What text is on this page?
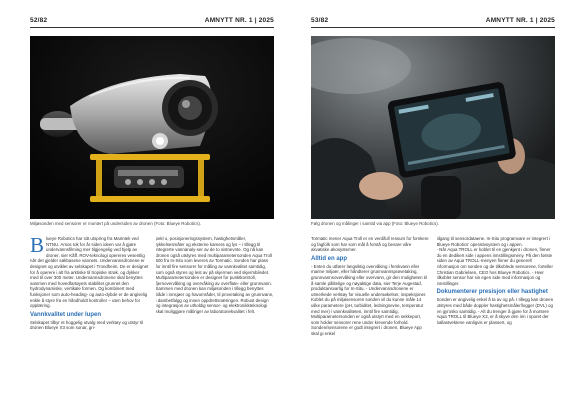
52/82	AMNYTT NR. 1 | 2025
Miljøsonden med sensorer er montert på undersiden av dronen (Foto: Blueye Robotics).
B lueye Robotics har sitt utspring fra Marintek ved NTNU. Amos tok for år siden ideen var å gjøre undervannsfilming mer tilgjengelig ved hjelp av droner, sier Kåff. ROV-teknologi opereres vesentlig når det gjelder søkbasene vannets. Undervannsdronene er designet og utviklet av selskapet i Trondheim. De er designet for å operere i alt fra arktiske til tropiske strøk, og dykker med til over 300 meter. Undervannsdronene skal benyttes sammen med hovedfartøyets stabilitet grunnet den hydrodynamiske, vertikale formen. Og kombinert med funksjoner som auto-heading- og auto-dybde er de angivelig enkle å styre fra en håndholdt kontroller – uten behov for opplæring.

Vannkvalitet under lupen

Selskapet tilbyr et hoggelig utvalg med verktøy og utstyr til dronen Blueye X3 som sonar, gri-

pekl o, posisjoneringssystem, hastighetsmåler, tykkelsesmåler og eksterne kamera og lys – i tillegg til integrerte vannanaly-ser av de to sistnevnte. Og nå kan dronen også utstyres med multiparametersonden Aqua Troll 500 fra In-Situ som leveres av Tormatic. Sonden har plass for inntil fire sensorer for måling av vannkvalitet samtidig, som også styres og lest av på skjermen ved skjermbiledet. Multiparametersonden er designet for punktkontroll, fjernovervåking og overvåking av overflate- eller grunnvann. Sammen med dronen kan miljøsonden i tillegg benyttes både i innsjøer og havområder, til provetaking av grunnvann, i dambetfalgg og innen oppdrettsnæringen. Robust design og integrasjon av utholdig sensor- og elektronikkteknologi skal muliggjøre målinger av laboratoriekvalitet i felt.

53/82	AMNYTT NR. 1 | 2025
Følg dronen og målinger i samtid via app (Foto: Blueye Robotics).

Tormatic mener Aqua Troll er en verdifull ressurs for forskere og fagfolk som har som mål å forstå og bevare våre akvatiske økosystemer.

Alltid en app

- Enten du utfører langsiktig overvåking i ferskvann eller marine miljøer, eller håndterer grunnvannsprøvetaking, grunnvannsovervåking eller overvann, gir den muligheten til å samle pålitelige og nøyaktige data, sier Terje Augestad, produktansvarlig for In-Situ. - Undervannsdronene er utmerkede verktøy for visuelle undersøkelser, inspeksjoner. Koblet du på miljøsensoren sonden vil du kunne måle 14 ulike parametere (pH, turbiditet, ledningsevne, temperatur med mer) i vannkvaliteten, inntil fire samtidig. Multiparametersonden er også utstyrt med en sekkeport, som holder sensorer rene under krevende forhold. Sonden/sensorene er godt integrert i dronen, Blueye App skal gi enkel

tilgang til sensordataene. In-Situ programvare er integrert i Blueye Robotics' operativsystem og i appen.

- Når Aqua TROLL er koblet til en gjenkjent i dronen, finner du en dedikert side i appens innstillingsmeny. På den første siden av Aqua TROLL-menyen finner du generell informasjon om sonden og de tilkoblede sensorene, forteller Christian Gabrielsen, CEO hos Blueye Robotics. - Hver tilkoblet sensor har sin egen side med informasjon og innstillinger.

Dokumenterer presisjon eller hastighet

Sonden er angivelig enkel å ta av og på. I tillegg kan dronen utstyres med både doppler hastighetsmåler/logger (DVL) og en gyrosko samtidig. - Alt du trenger å gjøre for å montere Aqua TROLL til Blueye X3, er å skyve den inn i sporet der ballastvektene vanligvis er plassert, og
